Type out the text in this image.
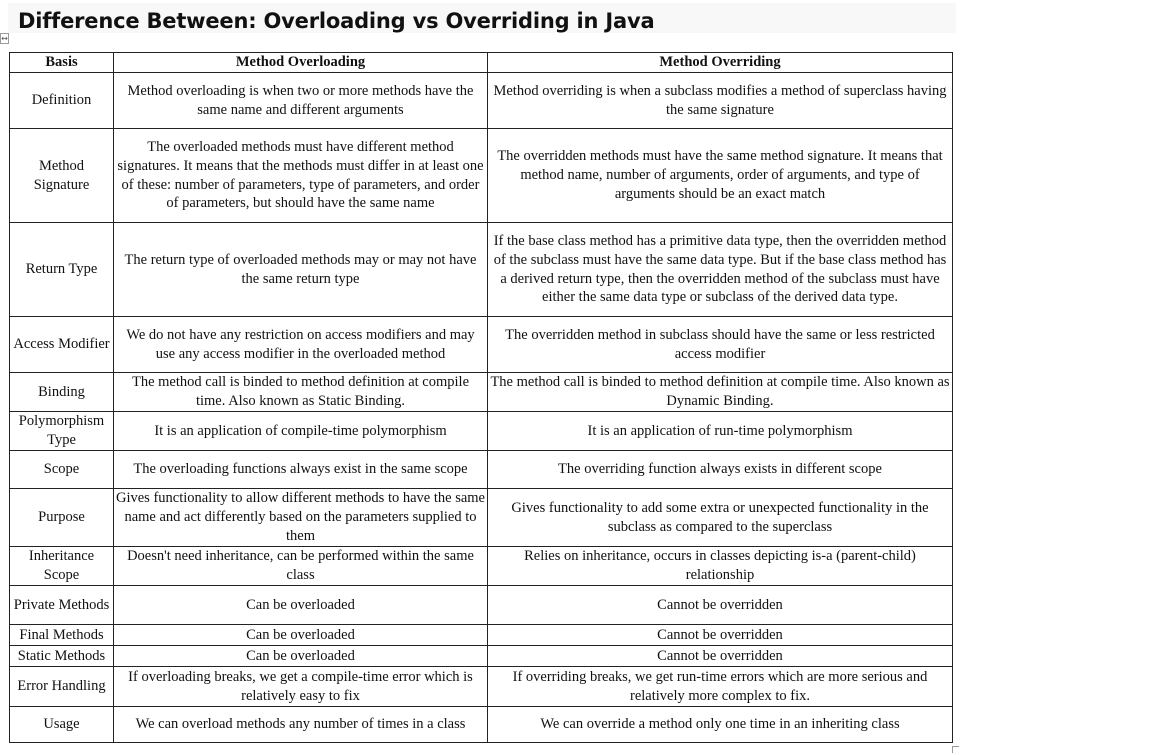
Difference Between: Overloading vs Overriding in Java
↔
Basis	Method Overloading	Method Overriding
Definition	Method overloading is when two or more methods have the same name and different arguments	Method overriding is when a subclass modifies a method of superclass having the same signature
Method Signature	The overloaded methods must have different method signatures. It means that the methods must differ in at least one of these: number of parameters, type of parameters, and order of parameters, but should have the same name	The overridden methods must have the same method signature. It means that method name, number of arguments, order of arguments, and type of arguments should be an exact match
Return Type	The return type of overloaded methods may or may not have the same return type	If the base class method has a primitive data type, then the overridden method of the subclass must have the same data type. But if the base class method has a derived return type, then the overridden method of the subclass must have either the same data type or subclass of the derived data type.
Access Modifier	We do not have any restriction on access modifiers and may use any access modifier in the overloaded method	The overridden method in subclass should have the same or less restricted access modifier
Binding	The method call is binded to method definition at compile time. Also known as Static Binding.	The method call is binded to method definition at compile time. Also known as Dynamic Binding.
Polymorphism Type	It is an application of compile-time polymorphism	It is an application of run-time polymorphism
Scope	The overloading functions always exist in the same scope	The overriding function always exists in different scope
Purpose	Gives functionality to allow different methods to have the same name and act differently based on the parameters supplied to them	Gives functionality to add some extra or unexpected functionality in the subclass as compared to the superclass
Inheritance Scope	Doesn't need inheritance, can be performed within the same class	Relies on inheritance, occurs in classes depicting is-a (parent-child) relationship
Private Methods	Can be overloaded	Cannot be overridden
Final Methods	Can be overloaded	Cannot be overridden
Static Methods	Can be overloaded	Cannot be overridden
Error Handling	If overloading breaks, we get a compile-time error which is relatively easy to fix	If overriding breaks, we get run-time errors which are more serious and relatively more complex to fix.
Usage	We can overload methods any number of times in a class	We can override a method only one time in an inheriting class
